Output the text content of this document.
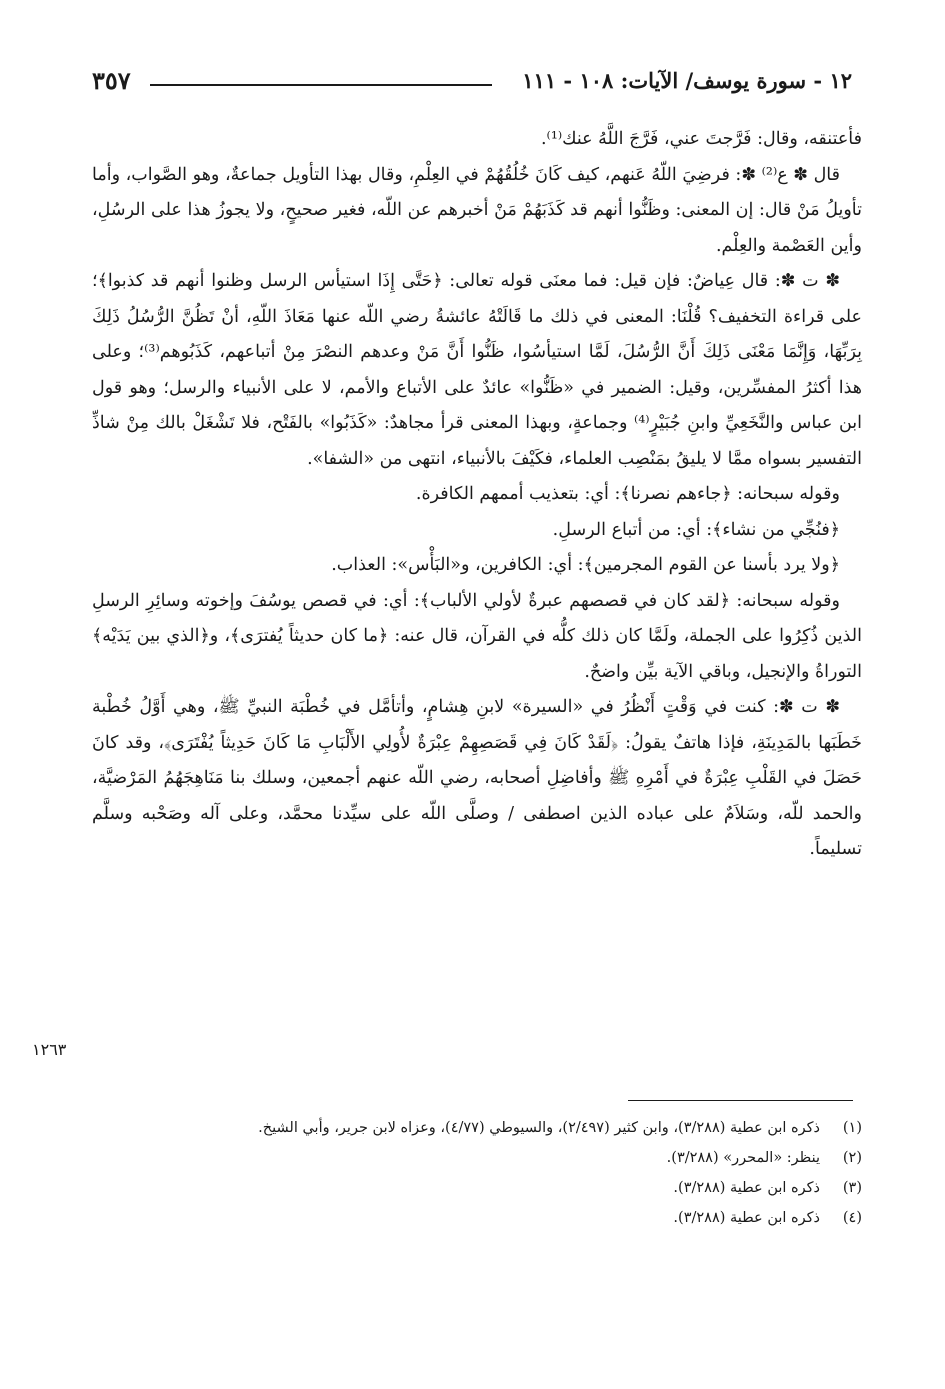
١٢ - سورة يوسف/ الآيات: ١٠٨ - ١١١
٣٥٧

فأعتنقه، وقال: فَرَّجتَ عني، فَرَّجَ اللَّهُ عنك⁽¹⁾.

قال ✽ ع⁽²⁾ ✽: فرضِيَ اللّهُ عَنهم، كيف كَانَ خُلُقُهُمْ في العِلْمِ، وقال بهذا التأويل جماعةٌ، وهو الصَّواب، وأما تأويلُ مَنْ قال: إن المعنى: وظَنُّوا أنهم قد كَذَبَهُمْ مَنْ أخبرهم عن اللّه، فغير صحيحٍ، ولا يجوزُ هذا على الرسُلِ، وأين العَصْمة والعِلْم.

✽ ت ✽: قال عِياضٌ: فإن قيل: فما معنَى قوله تعالى: ﴿حَتَّى إِذَا استيأس الرسل وظنوا أنهم قد كذبوا﴾؛ على قراءة التخفيف؟ قُلْنَا: المعنى في ذلك ما قَالَتْهُ عائشةُ رضي اللّه عنها مَعَاذَ اللّهِ، أنْ تَظُنَّ الرُّسُلُ ذَلِكَ بِرَبِّهَا، وَإِنَّمَا مَعْنَى ذَلِكَ أَنَّ الرُّسُلَ، لَمَّا استيأسُوا، ظَنُّوا أَنَّ مَنْ وعدهم النصْرَ مِنْ أتباعهم، كَذَبُوهم⁽³⁾؛ وعلى هذا أكثرُ المفسِّرين، وقيل: الضمير في «ظَنُّوا» عائدٌ على الأتباع والأمم، لا على الأنبياء والرسل؛ وهو قول ابن عباس والنَّخَعِيِّ وابنِ جُبَيْرٍ⁽⁴⁾ وجماعةٍ، وبهذا المعنى قرأ مجاهدٌ: «كَذَبُوا» بالفَتْح، فلا تَشْغَلْ بالك مِنْ شاذِّ التفسير بسواه ممَّا لا يليقُ بمَنْصِب العلماء، فكَيْفَ بالأنبياء، انتهى من «الشفا».

وقوله سبحانه: ﴿جاءهم نصرنا﴾: أي: بتعذيب أممهم الكافرة.

﴿فنُجِّي من نشاء﴾: أي: من أتباع الرسلِ.

﴿ولا يرد بأسنا عن القوم المجرمين﴾: أي: الكافرين، و«البَأْس»: العذاب.

وقوله سبحانه: ﴿لقد كان في قصصهم عبرةٌ لأولي الألباب﴾: أي: في قصص يوسُفَ وإخوته وسائِرِ الرسلِ الذين ذُكِرُوا على الجملة، ولَمَّا كان ذلك كلُّه في القرآن، قال عنه: ﴿ما كان حديثاً يُفترَى﴾، و﴿الذي بين يَدَيْه﴾ التوراةُ والإنجيل، وباقي الآية بيِّن واضحٌ.

✽ ت ✽: كنت في وَقْتٍ أَنْظُرُ في «السيرة» لابنِ هِشامٍ، وأتأمَّل في خُطْبَة النبيِّ ﷺ، وهي أَوَّلُ خُطْبة خَطَبَها بالمَدِينَةِ، فإذا هاتفٌ يقولُ: ﴿لَقَدْ كَانَ فِي قَصَصِهِمْ عِبْرَةٌ لأُولِي الأَلْبَابِ مَا كَانَ حَدِيثاً يُفْتَرَى﴾، وقد كانَ حَصَلَ في القَلْبِ عِبْرَةٌ في أَمْرِهِ ﷺ وأفاضِلِ أصحابه، رضي اللّه عنهم أجمعين، وسلك بنا مَنَاهِجَهُمُ المَرْضيَّة، والحمد للّه، وسَلاَمٌ على عباده الذين اصطفى / وصلَّى اللّه على سيِّدنا محمَّد، وعلى آله وصَحْبه وسلَّم تسليماً.

١٢٦٣
(١)
ذكره ابن عطية (٣/٢٨٨)، وابن كثير (٢/٤٩٧)، والسيوطي (٤/٧٧)، وعزاه لابن جرير، وأبي الشيخ.
(٢)
ينظر: «المحرر» (٣/٢٨٨).
(٣)
ذكره ابن عطية (٣/٢٨٨).
(٤)
ذكره ابن عطية (٣/٢٨٨).
